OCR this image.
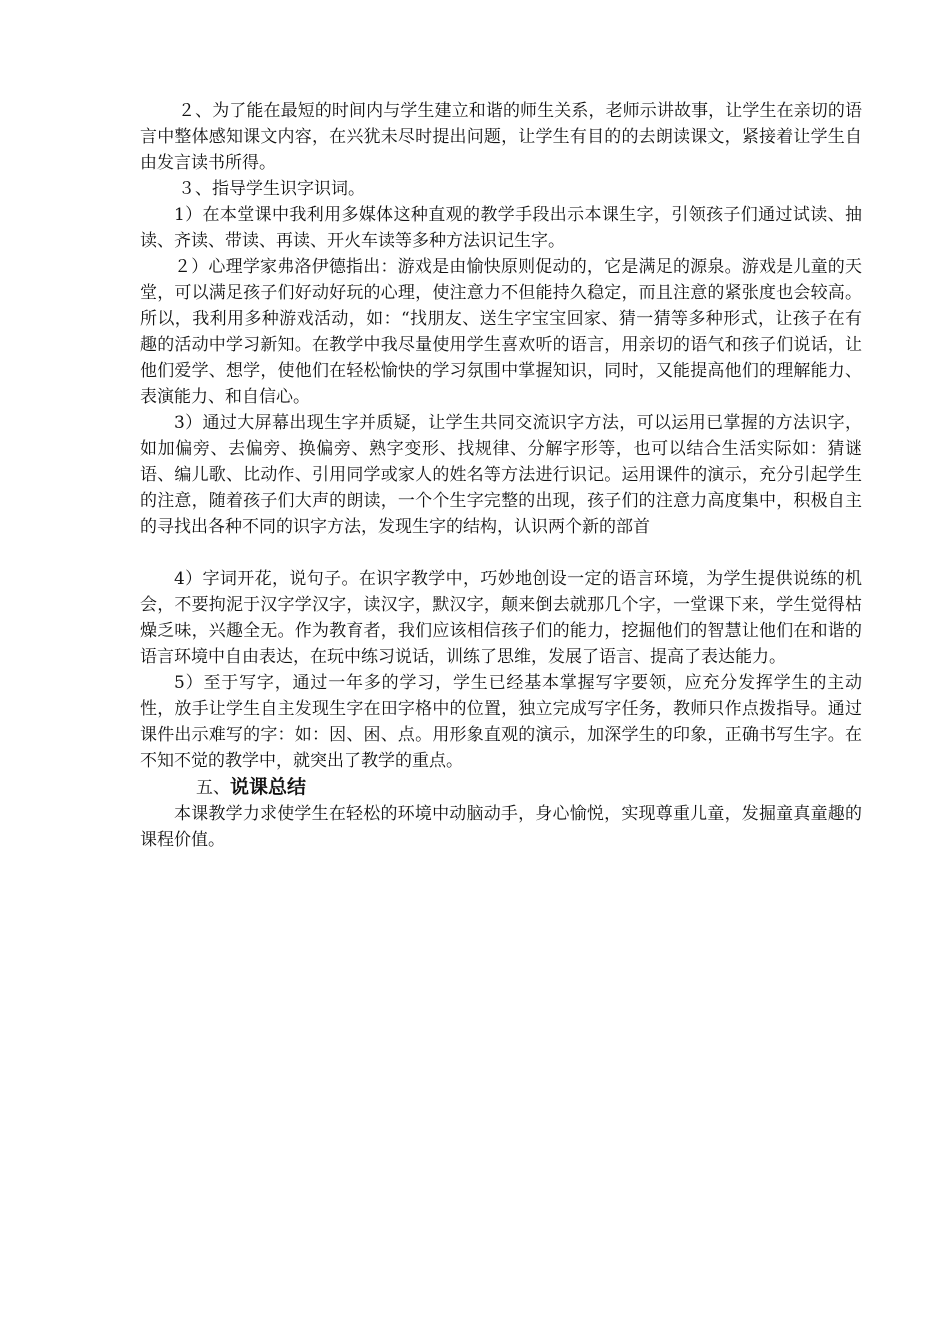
２、为了能在最短的时间内与学生建立和谐的师生关系，老师示讲故事，让学生在亲切的语言中整体感知课文内容，在兴犹未尽时提出问题，让学生有目的的去朗读课文，紧接着让学生自由发言读书所得。

３、指导学生识字识词。

1）在本堂课中我利用多媒体这种直观的教学手段出示本课生字，引领孩子们通过试读、抽读、齐读、带读、再读、开火车读等多种方法识记生字。

２）心理学家弗洛伊德指出：游戏是由愉快原则促动的，它是满足的源泉。游戏是儿童的天堂，可以满足孩子们好动好玩的心理，使注意力不但能持久稳定，而且注意的紧张度也会较高。所以，我利用多种游戏活动，如：“找朋友、送生字宝宝回家、猜一猜等多种形式，让孩子在有趣的活动中学习新知。在教学中我尽量使用学生喜欢听的语言，用亲切的语气和孩子们说话，让他们爱学、想学，使他们在轻松愉快的学习氛围中掌握知识，同时，又能提高他们的理解能力、表演能力、和自信心。

3）通过大屏幕出现生字并质疑，让学生共同交流识字方法，可以运用已掌握的方法识字，如加偏旁、去偏旁、换偏旁、熟字变形、找规律、分解字形等，也可以结合生活实际如：猜谜语、编儿歌、比动作、引用同学或家人的姓名等方法进行识记。运用课件的演示，充分引起学生的注意，随着孩子们大声的朗读，一个个生字完整的出现，孩子们的注意力高度集中，积极自主的寻找出各种不同的识字方法，发现生字的结构，认识两个新的部首

4）字词开花，说句子。在识字教学中，巧妙地创设一定的语言环境，为学生提供说练的机会，不要拘泥于汉字学汉字，读汉字，默汉字，颠来倒去就那几个字，一堂课下来，学生觉得枯燥乏味，兴趣全无。作为教育者，我们应该相信孩子们的能力，挖掘他们的智慧让他们在和谐的语言环境中自由表达，在玩中练习说话，训练了思维，发展了语言、提高了表达能力。

5）至于写字，通过一年多的学习，学生已经基本掌握写字要领，应充分发挥学生的主动性，放手让学生自主发现生字在田字格中的位置，独立完成写字任务，教师只作点拨指导。通过课件出示难写的字：如：因、困、点。用形象直观的演示，加深学生的印象，正确书写生字。在不知不觉的教学中，就突出了教学的重点。

五、说课总结

本课教学力求使学生在轻松的环境中动脑动手，身心愉悦，实现尊重儿童，发掘童真童趣的课程价值。
